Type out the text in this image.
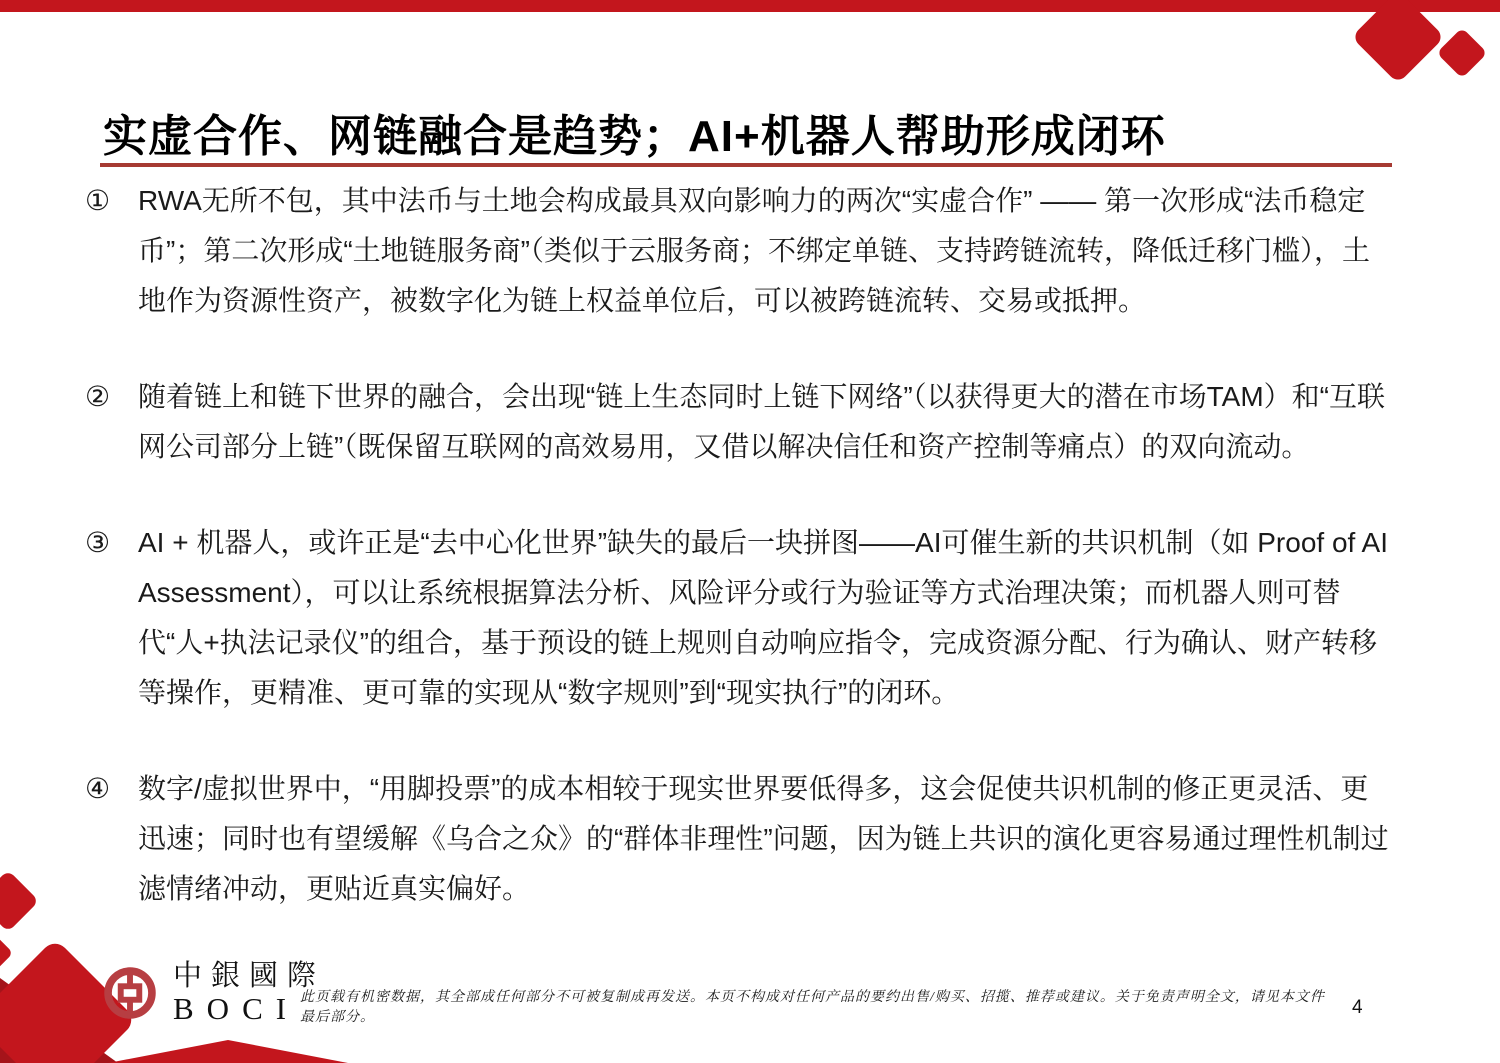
实虚合作、网链融合是趋势；AI+机器人帮助形成闭环
① RWA无所不包，其中法币与土地会构成最具双向影响力的两次“实虚合作” —— 第一次形成“法币稳定币”；第二次形成“土地链服务商”（类似于云服务商；不绑定单链、支持跨链流转，降低迁移门槛），土地作为资源性资产，被数字化为链上权益单位后，可以被跨链流转、交易或抵押。
② 随着链上和链下世界的融合，会出现“链上生态同时上链下网络”（以获得更大的潜在市场TAM）和“互联网公司部分上链”（既保留互联网的高效易用，又借以解决信任和资产控制等痛点）的双向流动。
③ AI + 机器人，或许正是“去中心化世界”缺失的最后一块拼图——AI可催生新的共识机制（如 Proof of AI Assessment），可以让系统根据算法分析、风险评分或行为验证等方式治理决策；而机器人则可替代“人+执法记录仪”的组合，基于预设的链上规则自动响应指令，完成资源分配、行为确认、财产转移等操作，更精准、更可靠的实现从“数字规则”到“现实执行”的闭环。
④ 数字/虚拟世界中，“用脚投票”的成本相较于现实世界要低得多，这会促使共识机制的修正更灵活、更迅速；同时也有望缓解《乌合之众》的“群体非理性”问题，因为链上共识的演化更容易通过理性机制过滤情绪冲动，更贴近真实偏好。
中銀國際
BOCI 此页载有机密数据，其全部成任何部分不可被复制成再发送。本页不构成对任何产品的要约出售/购买、招揽、推荐或建议。关于免责声明全文，请见本文件最后部分。	4
